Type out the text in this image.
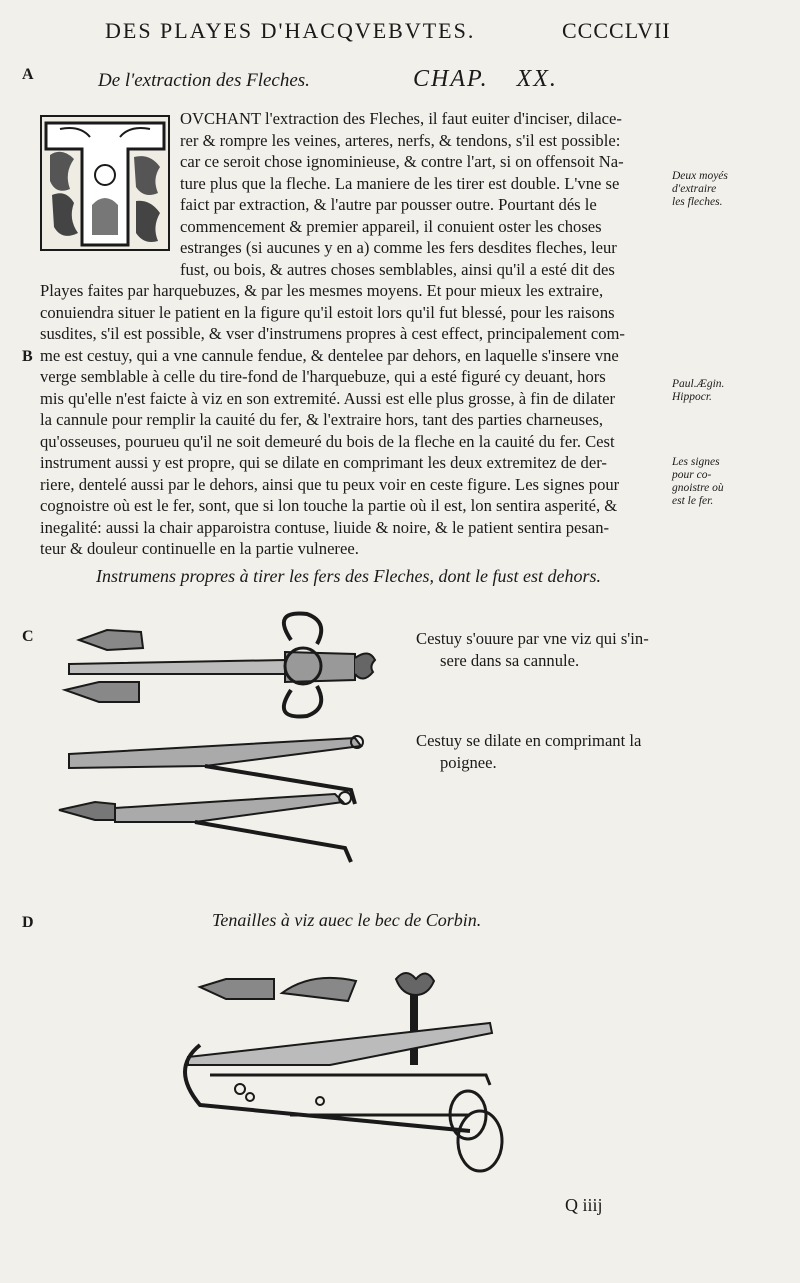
DES PLAYES D'HACQVEBVTES.	CCCCLVII
A
B
C
D
De l'extraction des Fleches.	CHAP. XX.
OVCHANT l'extraction des Fleches, il faut euiter d'inciser, dilace-
rer & rompre les veines, arteres, nerfs, & tendons, s'il est possible:
car ce seroit chose ignominieuse, & contre l'art, si on offensoit Na-
ture plus que la fleche. La maniere de les tirer est double. L'vne se
faict par extraction, & l'autre par pousser outre. Pourtant dés le
commencement & premier appareil, il conuient oster les choses
estranges (si aucunes y en a) comme les fers desdites fleches, leur
fust, ou bois, & autres choses semblables, ainsi qu'il a esté dit des
Playes faites par harquebuzes, & par les mesmes moyens. Et pour mieux les extraire,
conuiendra situer le patient en la figure qu'il estoit lors qu'il fut blessé, pour les raisons
susdites, s'il est possible, & vser d'instrumens propres à cest effect, principalement com-
me est cestuy, qui a vne cannule fendue, & dentelee par dehors, en laquelle s'insere vne
verge semblable à celle du tire-fond de l'harquebuze, qui a esté figuré cy deuant, hors
mis qu'elle n'est faicte à viz en son extremité. Aussi est elle plus grosse, à fin de dilater
la cannule pour remplir la cauité du fer, & l'extraire hors, tant des parties charneuses,
qu'osseuses, pourueu qu'il ne soit demeuré du bois de la fleche en la cauité du fer. Cest
instrument aussi y est propre, qui se dilate en comprimant les deux extremitez de der-
riere, dentelé aussi par le dehors, ainsi que tu peux voir en ceste figure. Les signes pour
cognoistre où est le fer, sont, que si lon touche la partie où il est, lon sentira asperité, &
inegalité: aussi la chair apparoistra contuse, liuide & noire, & le patient sentira pesan-
teur & douleur continuelle en la partie vulneree.
Deux moyés
d'extraire
les fleches.
Paul.Ægin.
Hippocr.
Les signes
pour co-
gnoistre où
est le fer.
Instrumens propres à tirer les fers des Fleches, dont le fust est dehors.
Cestuy s'ouure par vne viz qui s'in-
sere dans sa cannule.
Cestuy se dilate en comprimant la
poignee.
Tenailles à viz auec le bec de Corbin.
Q iiij
